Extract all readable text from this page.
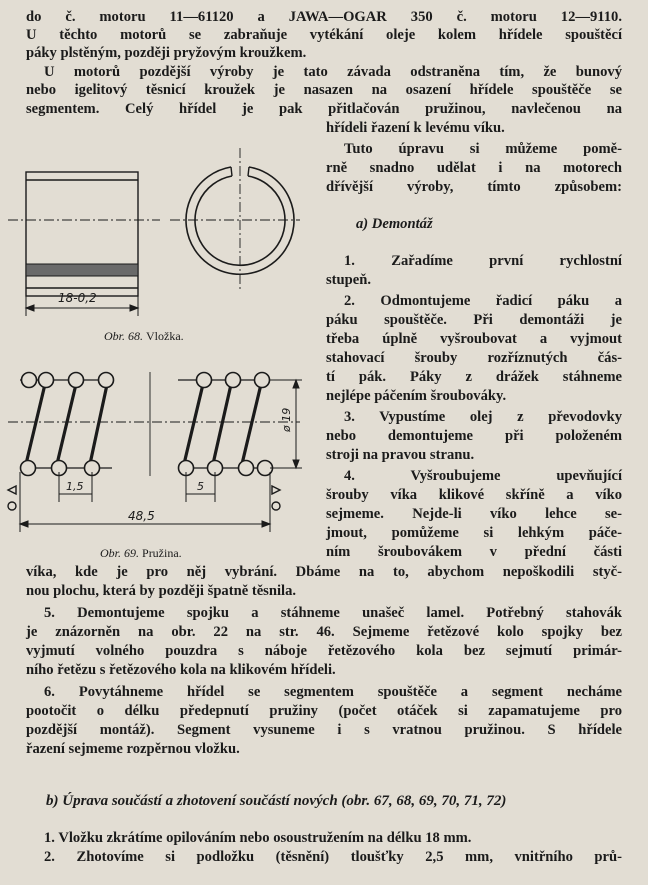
do č. motoru 11—61120 a JAWA—OGAR 350 č. motoru 12—9110.
U těchto motorů se zabraňuje vytékání oleje kolem hřídele spouštěcí
páky plstěným, později pryžovým kroužkem.
U motorů pozdější výroby je tato závada odstraněna tím, že bunový
nebo igelitový těsnicí kroužek je nasazen na osazení hřídele spouštěče se
segmentem. Celý hřídel je pak přitlačován pružinou, navlečenou na
hřídeli řazení k levému víku.
Tuto úpravu si můžeme pomě-
rně snadno udělat i na motorech
dřívější výroby, tímto způsobem:
a) Demontáž
1. Zařadíme první rychlostní
stupeň.
2. Odmontujeme řadicí páku a
páku spouštěče. Při demontáži je
třeba úplně vyšroubovat a vyjmout
stahovací šrouby rozříznutých čás-
tí pák. Páky z drážek stáhneme
nejlépe páčením šroubováky.
3. Vypustíme olej z převodovky
nebo demontujeme při položeném
stroji na pravou stranu.
4. Vyšroubujeme upevňující
šrouby víka klikové skříně a víko
sejmeme. Nejde-li víko lehce se-
jmout, pomůžeme si lehkým páče-
ním šroubovákem v přední části
víka, kde je pro něj vybrání. Dbáme na to, abychom nepoškodili styč-
nou plochu, která by později špatně těsnila.
5. Demontujeme spojku a stáhneme unašeč lamel. Potřebný stahovák
je znázorněn na obr. 22 na str. 46. Sejmeme řetězové kolo spojky bez
vyjmutí volného pouzdra s náboje řetězového kola bez sejmutí primár-
ního řetězu s řetězového kola na klikovém hřídeli.
6. Povytáhneme hřídel se segmentem spouštěče a segment necháme
pootočit o délku předepnutí pružiny (počet otáček si zapamatujeme pro
pozdější montáž). Segment vysuneme i s vratnou pružinou. S hřídele
řazení sejmeme rozpěrnou vložku.
b) Úprava součástí a zhotovení součástí nových (obr. 67, 68, 69, 70, 71, 72)
1. Vložku zkrátíme opilováním nebo osoustružením na délku 18 mm.
2. Zhotovíme si podložku (těsnění) tloušťky 2,5 mm, vnitřního prů-
18-0,2
Obr. 68. Vložka.
1,5	5
48,5
ø 19
Obr. 69. Pružina.
